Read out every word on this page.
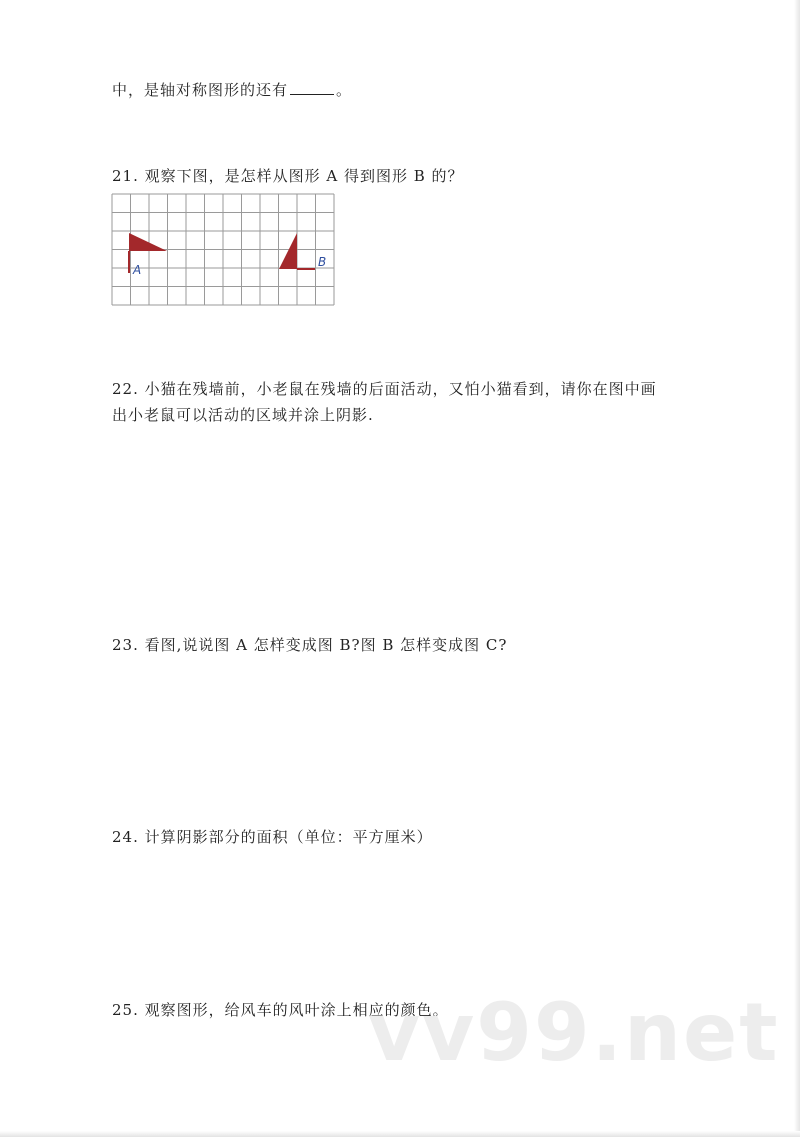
中，是轴对称图形的还有	。
21. 观察下图，是怎样从图形 A 得到图形 B 的？
A
B
22. 小猫在残墙前，小老鼠在残墙的后面活动，又怕小猫看到，请你在图中画
出小老鼠可以活动的区域并涂上阴影.
23. 看图,说说图 A 怎样变成图 B?图 B 怎样变成图 C?
24. 计算阴影部分的面积（单位：平方厘米）
25. 观察图形，给风车的风叶涂上相应的颜色。
vv99.net
